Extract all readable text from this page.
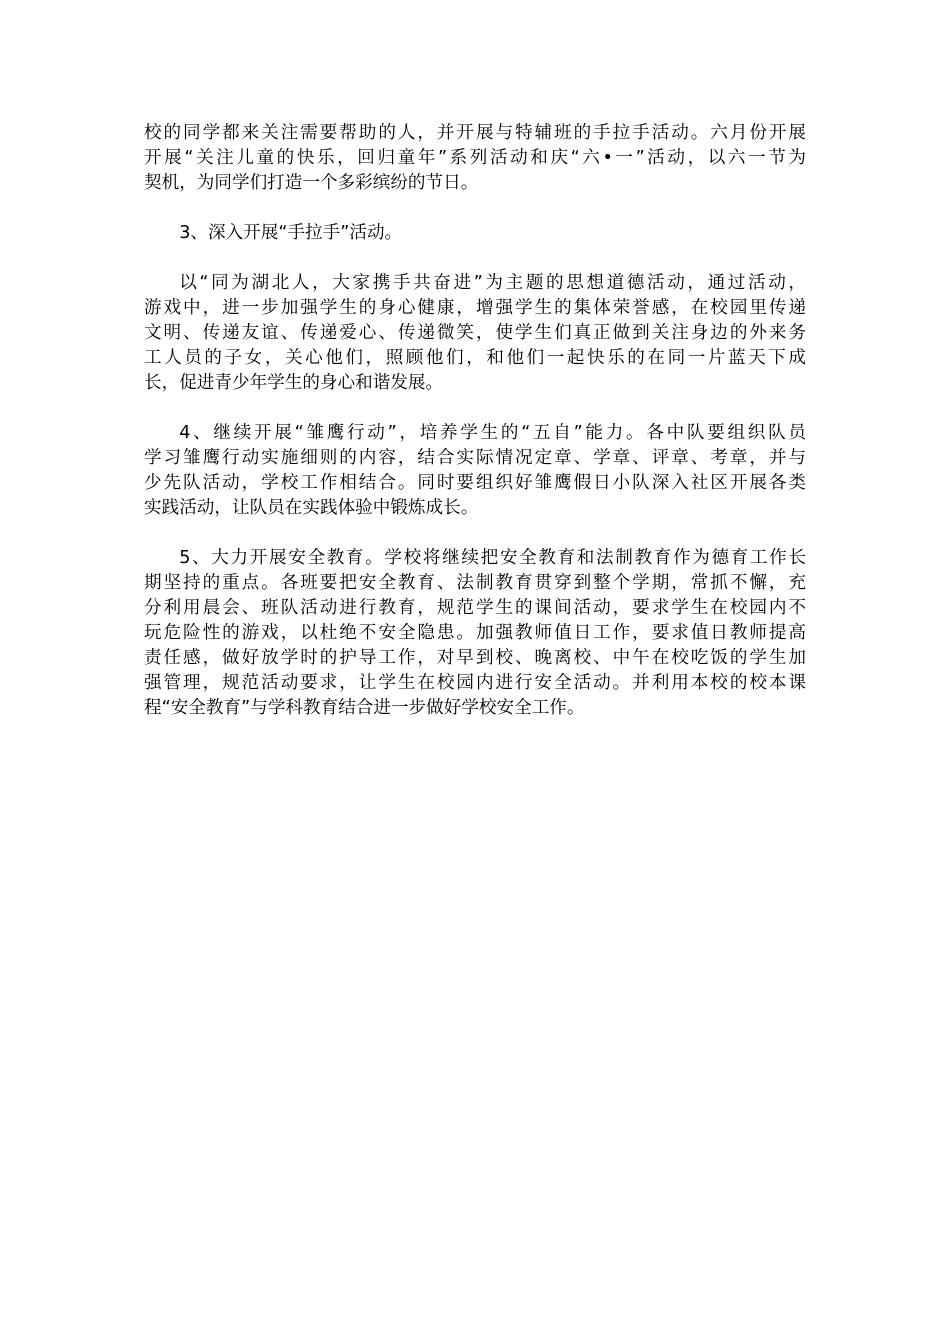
校的同学都来关注需要帮助的人，并开展与特辅班的手拉手活动。六月份开展
开展“关注儿童的快乐，回归童年”系列活动和庆“六•一”活动，以六一节为
契机，为同学们打造一个多彩缤纷的节日。
3、深入开展“手拉手”活动。
以“同为湖北人，大家携手共奋进”为主题的思想道德活动，通过活动，
游戏中，进一步加强学生的身心健康，增强学生的集体荣誉感，在校园里传递
文明、传递友谊、传递爱心、传递微笑，使学生们真正做到关注身边的外来务
工人员的子女，关心他们，照顾他们，和他们一起快乐的在同一片蓝天下成
长，促进青少年学生的身心和谐发展。
4、继续开展“雏鹰行动”，培养学生的“五自”能力。各中队要组织队员
学习雏鹰行动实施细则的内容，结合实际情况定章、学章、评章、考章，并与
少先队活动，学校工作相结合。同时要组织好雏鹰假日小队深入社区开展各类
实践活动，让队员在实践体验中锻炼成长。
5、大力开展安全教育。学校将继续把安全教育和法制教育作为德育工作长
期坚持的重点。各班要把安全教育、法制教育贯穿到整个学期，常抓不懈，充
分利用晨会、班队活动进行教育，规范学生的课间活动，要求学生在校园内不
玩危险性的游戏，以杜绝不安全隐患。加强教师值日工作，要求值日教师提高
责任感，做好放学时的护导工作，对早到校、晚离校、中午在校吃饭的学生加
强管理，规范活动要求，让学生在校园内进行安全活动。并利用本校的校本课
程“安全教育”与学科教育结合进一步做好学校安全工作。
